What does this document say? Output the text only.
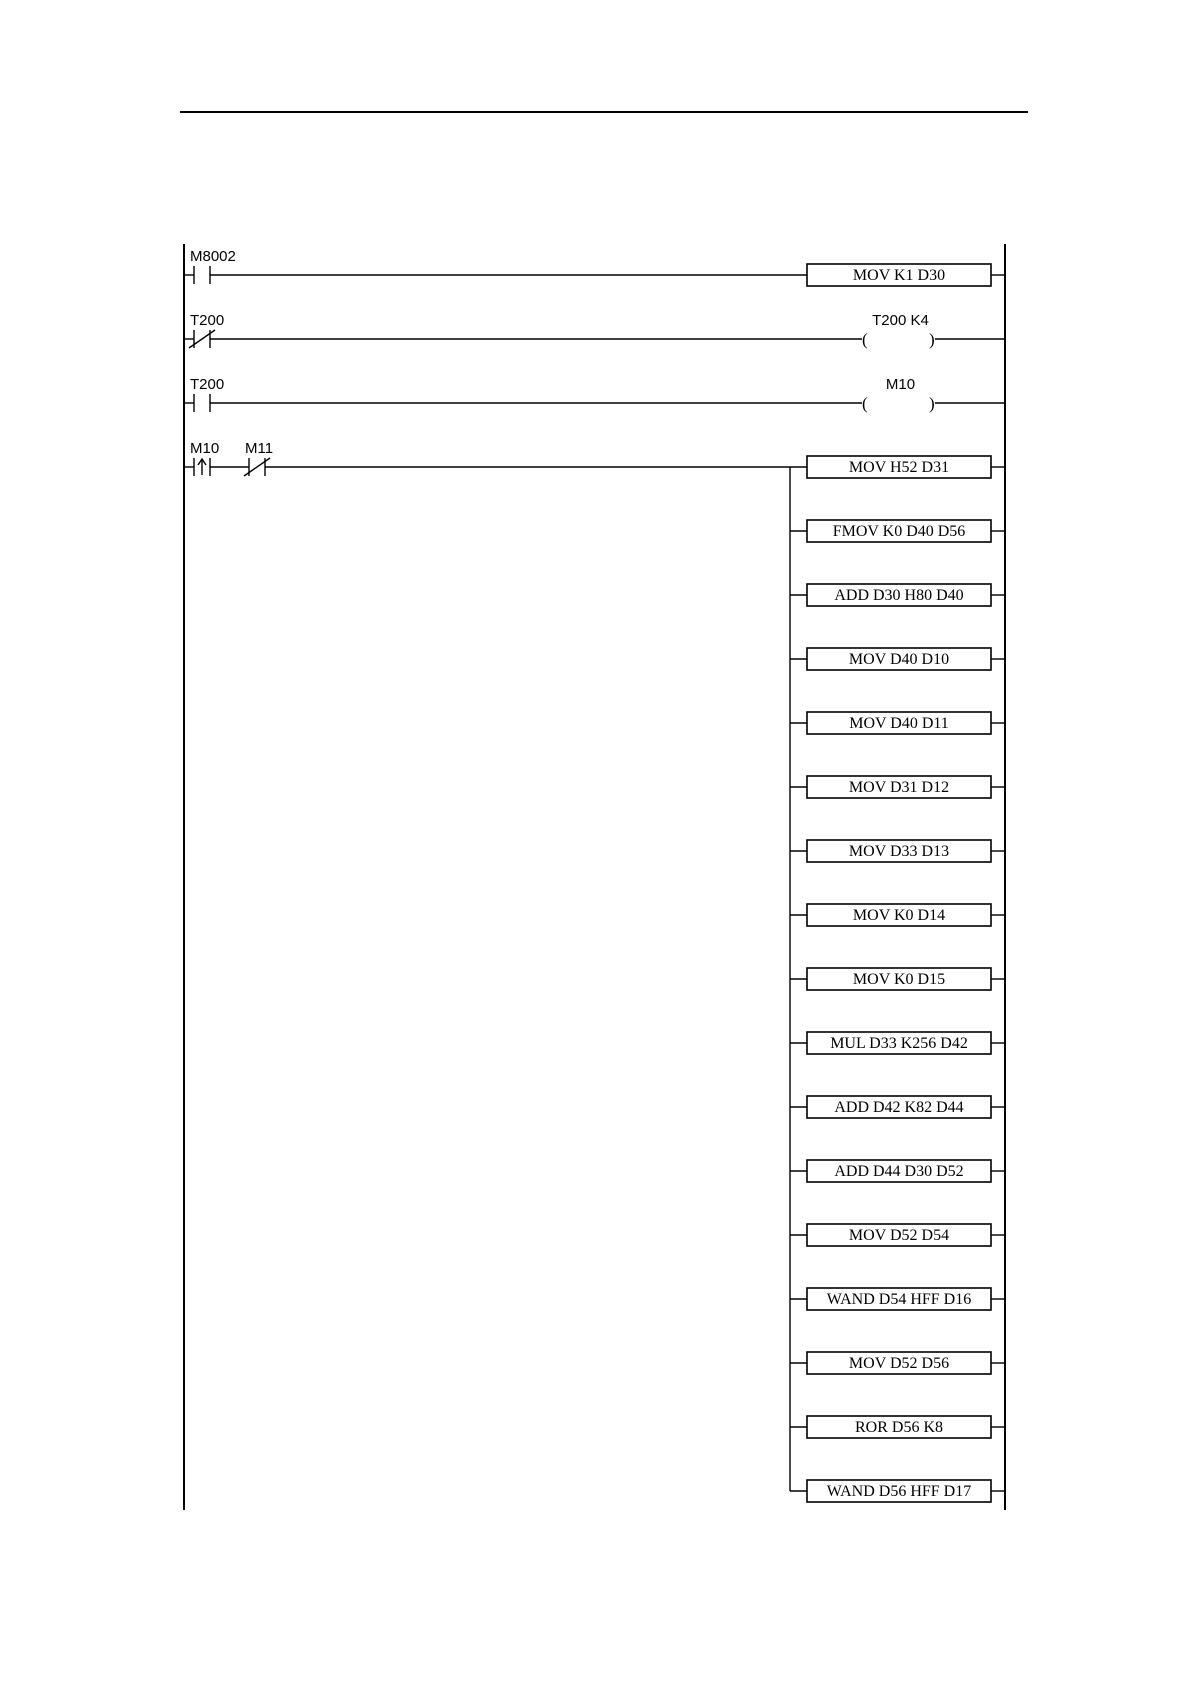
M8002
MOV K1 D30
T200
(	)
T200 K4
T200
(	)
M10
M10 M11
MOV H52 D31
FMOV K0 D40 D56
ADD D30 H80 D40
MOV D40 D10
MOV D40 D11
MOV D31 D12
MOV D33 D13
MOV K0 D14
MOV K0 D15
MUL D33 K256 D42
ADD D42 K82 D44
ADD D44 D30 D52
MOV D52 D54
WAND D54 HFF D16
MOV D52 D56
ROR D56 K8
WAND D56 HFF D17
